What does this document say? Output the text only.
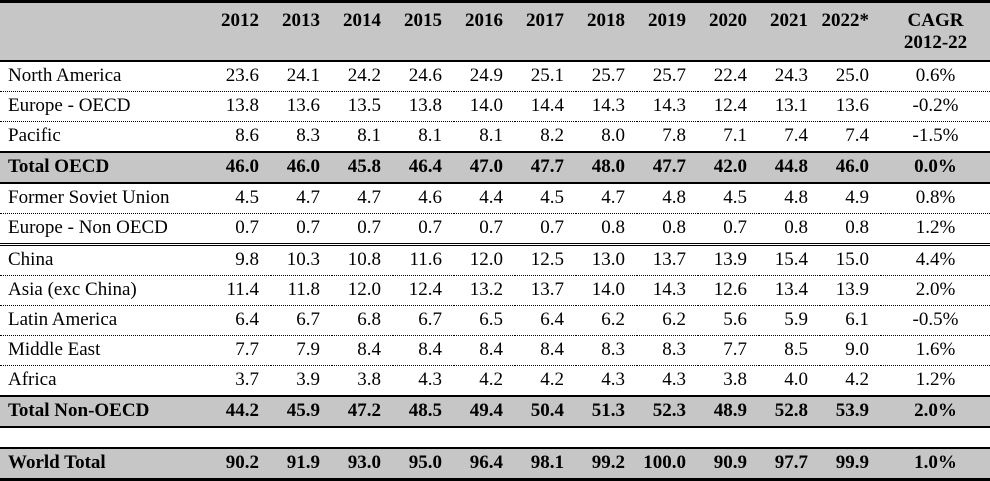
	2012	2013	2014	2015	2016	2017	2018	2019	2020	2021	2022*	CAGR
2012-22

North America	23.6	24.1	24.2	24.6	24.9	25.1	25.7	25.7	22.4	24.3	25.0	0.6%
Europe - OECD	13.8	13.6	13.5	13.8	14.0	14.4	14.3	14.3	12.4	13.1	13.6	-0.2%
Pacific	8.6	8.3	8.1	8.1	8.1	8.2	8.0	7.8	7.1	7.4	7.4	-1.5%
Total OECD	46.0	46.0	45.8	46.4	47.0	47.7	48.0	47.7	42.0	44.8	46.0	0.0%
Former Soviet Union	4.5	4.7	4.7	4.6	4.4	4.5	4.7	4.8	4.5	4.8	4.9	0.8%
Europe - Non OECD	0.7	0.7	0.7	0.7	0.7	0.7	0.8	0.8	0.7	0.8	0.8	1.2%
China	9.8	10.3	10.8	11.6	12.0	12.5	13.0	13.7	13.9	15.4	15.0	4.4%
Asia (exc China)	11.4	11.8	12.0	12.4	13.2	13.7	14.0	14.3	12.6	13.4	13.9	2.0%
Latin America	6.4	6.7	6.8	6.7	6.5	6.4	6.2	6.2	5.6	5.9	6.1	-0.5%
Middle East	7.7	7.9	8.4	8.4	8.4	8.4	8.3	8.3	7.7	8.5	9.0	1.6%
Africa	3.7	3.9	3.8	4.3	4.2	4.2	4.3	4.3	3.8	4.0	4.2	1.2%
Total Non-OECD	44.2	45.9	47.2	48.5	49.4	50.4	51.3	52.3	48.9	52.8	53.9	2.0%

World Total	90.2	91.9	93.0	95.0	96.4	98.1	99.2	100.0	90.9	97.7	99.9	1.0%
